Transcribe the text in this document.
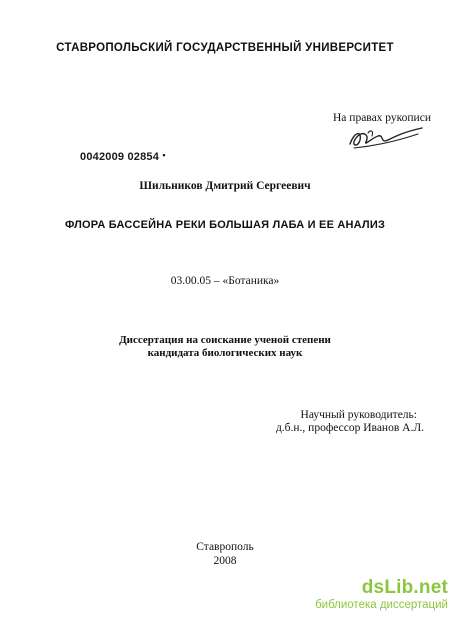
СТАВРОПОЛЬСКИЙ ГОСУДАРСТВЕННЫЙ УНИВЕРСИТЕТ
На правах рукописи
0042009 02854 •
Шильников Дмитрий Сергеевич
ФЛОРА БАССЕЙНА РЕКИ БОЛЬШАЯ ЛАБА И ЕЕ АНАЛИЗ
03.00.05 – «Ботаника»
Диссертация на соискание ученой степени
кандидата биологических наук
Научный руководитель:
д.б.н., профессор Иванов А.Л.
Ставрополь
2008
dsLib.net
библиотека диссертаций
